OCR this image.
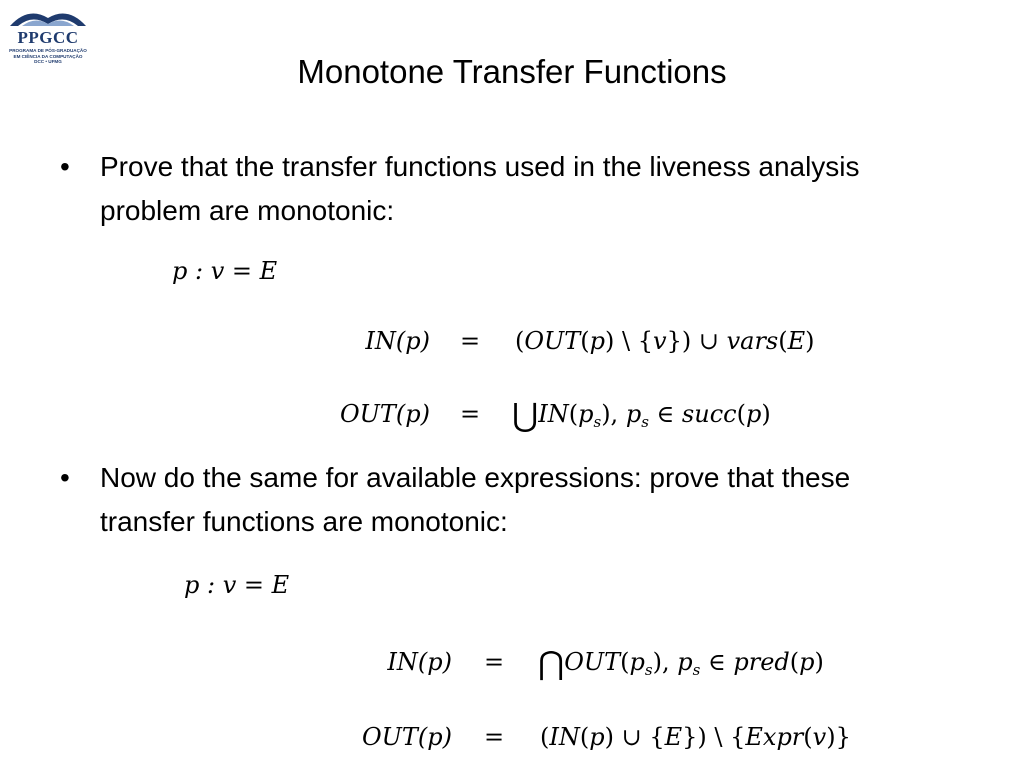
PPGCC
PROGRAMA DE PÓS-GRADUAÇÃO
EM CIÊNCIA DA COMPUTAÇÃO
DCC • UFMG	Monotone Transfer Functions
• Prove that the transfer functions used in the liveness analysis problem are monotonic:
p : v = E
IN(p) = (OUT(p) \ {v}) ∪ vars(E)
$OUT(p) = ⋃IN(p_s)$, $p_s$ ∈ succ(p)
• Now do the same for available expressions: prove that these transfer functions are monotonic:
p : v = E
$IN(p) = ⋂OUT(p_s)$, $p_s$ ∈ pred(p)
OUT(p) = (IN(p) ∪ {E}) \ {Expr(v)}
